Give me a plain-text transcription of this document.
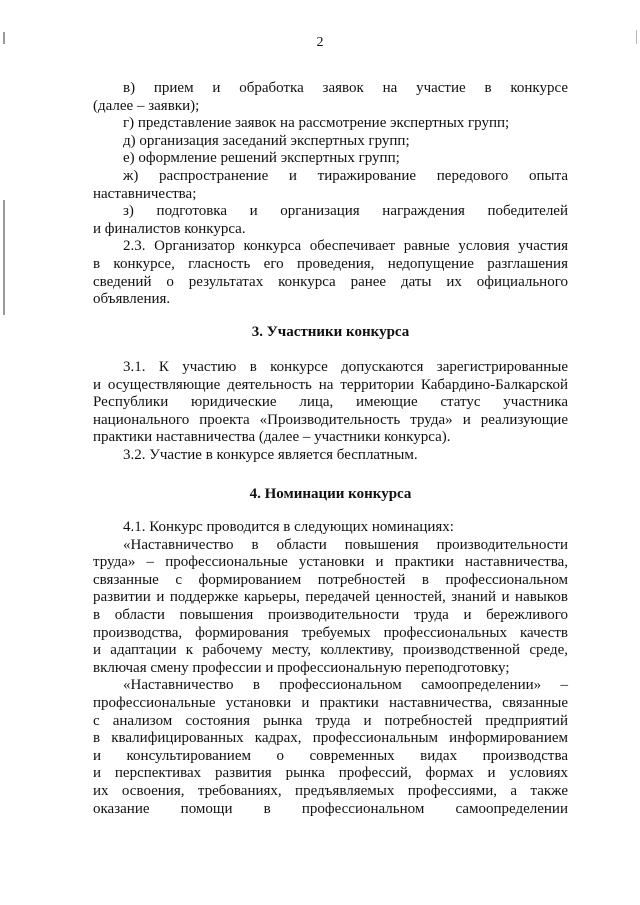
2
в) прием и обработка заявок на участие в конкурсе
(далее – заявки);
г) представление заявок на рассмотрение экспертных групп;
д) организация заседаний экспертных групп;
е) оформление решений экспертных групп;
ж) распространение и тиражирование передового опыта
наставничества;
з) подготовка и организация награждения победителей
и финалистов конкурса.
2.3. Организатор конкурса обеспечивает равные условия участия
в конкурсе, гласность его проведения, недопущение разглашения
сведений о результатах конкурса ранее даты их официального
объявления.
3. Участники конкурса
3.1. К участию в конкурсе допускаются зарегистрированные
и осуществляющие деятельность на территории Кабардино-Балкарской
Республики юридические лица, имеющие статус участника
национального проекта «Производительность труда» и реализующие
практики наставничества (далее – участники конкурса).
3.2. Участие в конкурсе является бесплатным.
4. Номинации конкурса
4.1. Конкурс проводится в следующих номинациях:
«Наставничество в области повышения производительности
труда» – профессиональные установки и практики наставничества,
связанные с формированием потребностей в профессиональном
развитии и поддержке карьеры, передачей ценностей, знаний и навыков
в области повышения производительности труда и бережливого
производства, формирования требуемых профессиональных качеств
и адаптации к рабочему месту, коллективу, производственной среде,
включая смену профессии и профессиональную переподготовку;
«Наставничество в профессиональном самоопределении» –
профессиональные установки и практики наставничества, связанные
с анализом состояния рынка труда и потребностей предприятий
в квалифицированных кадрах, профессиональным информированием
и консультированием о современных видах производства
и перспективах развития рынка профессий, формах и условиях
их освоения, требованиях, предъявляемых профессиями, а также
оказание помощи в профессиональном самоопределении
